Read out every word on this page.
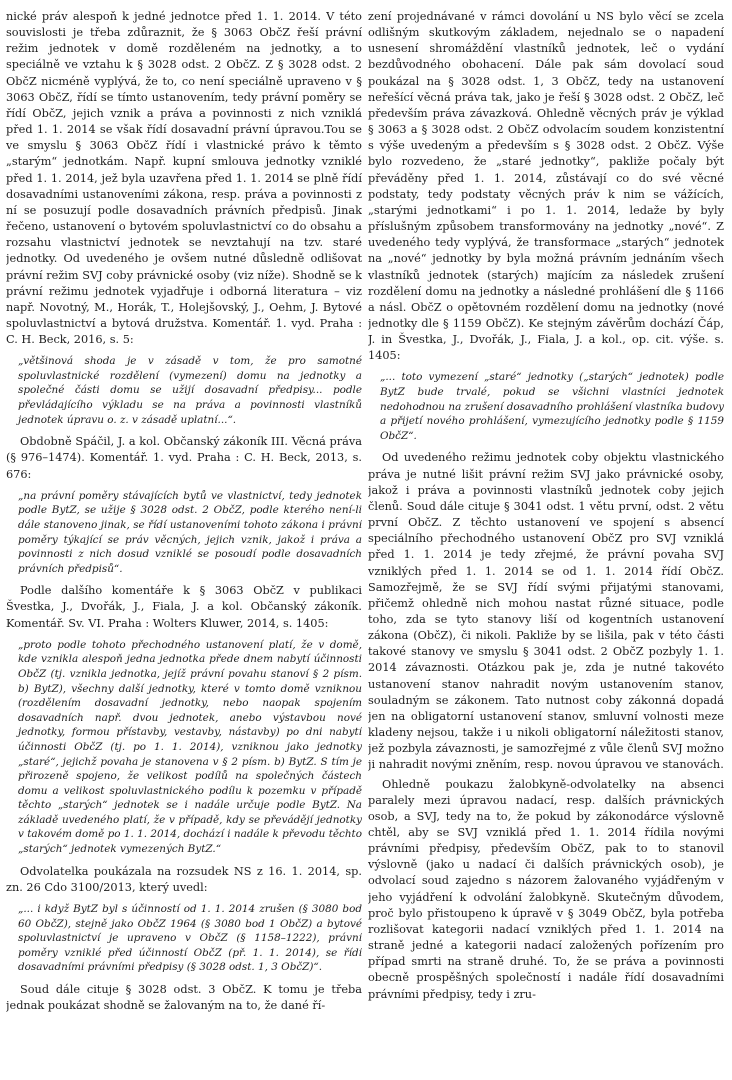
nické práv alespoň k jedné jednotce před 1. 1. 2014. V této souvislosti je třeba zdůraznit, že § 3063 ObčZ řeší právní režim jednotek v domě rozděleném na jednotky, a to speciálně ve vztahu k § 3028 odst. 2 ObčZ. Z § 3028 odst. 2 ObčZ nicméně vyplývá, že to, co není speciálně upraveno v § 3063 ObčZ, řídí se tímto ustanovením, tedy právní poměry se řídí ObčZ, jejich vznik a práva a povinnosti z nich vzniklá před 1. 1. 2014 se však řídí dosavadní právní úpravou.Tou se ve smyslu § 3063 ObčZ řídí i vlastnické právo k těmto „starým“ jednotkám. Např. kupní smlouva jednotky vzniklé před 1. 1. 2014, jež byla uzavřena před 1. 1. 2014 se plně řídí dosavadními ustanoveními zákona, resp. práva a povinnosti z ní se posuzují podle dosavadních právních předpisů. Jinak řečeno, ustanovení o bytovém spoluvlastnictví co do obsahu a rozsahu vlastnictví jednotek se nevztahují na tzv. staré jednotky. Od uvedeného je ovšem nutné důsledně odlišovat právní režim SVJ coby právnické osoby (viz níže). Shodně se k právní režimu jednotek vyjadřuje i odborná literatura – viz např. Novotný, M., Horák, T., Holejšovský, J., Oehm, J. Bytové spoluvlastnictví a bytová družstva. Komentář. 1. vyd. Praha : C. H. Beck, 2016, s. 5:

„většinová shoda je v zásadě v tom, že pro samotné spoluvlastnické rozdělení (vymezení) domu na jednotky a společné části domu se užijí dosavadní předpisy... podle převládajícího výkladu se na práva a povinnosti vlastníků jednotek úpravu o. z. v zásadě uplatní...“.

Obdobně Spáčil, J. a kol. Občanský zákoník III. Věcná práva (§ 976–1474). Komentář. 1. vyd. Praha : C. H. Beck, 2013, s. 676:

„na právní poměry stávajících bytů ve vlastnictví, tedy jednotek podle BytZ, se užije § 3028 odst. 2 ObčZ, podle kterého není-li dále stanoveno jinak, se řídí ustanoveními tohoto zákona i právní poměry týkající se práv věcných, jejich vznik, jakož i práva a povinnosti z nich dosud vzniklé se posoudí podle dosavadních právních předpisů“.

Podle dalšího komentáře k § 3063 ObčZ v publikaci Švestka, J., Dvořák, J., Fiala, J. a kol. Občanský zákoník. Komentář. Sv. VI. Praha : Wolters Kluwer, 2014, s. 1405:

„proto podle tohoto přechodného ustanovení platí, že v domě, kde vznikla alespoň jedna jednotka přede dnem nabytí účinnosti ObčZ (tj. vznikla jednotka, jejíž právní povahu stanoví § 2 písm. b) BytZ), všechny další jednotky, které v tomto domě vzniknou (rozdělením dosavadní jednotky, nebo naopak spojením dosavadních např. dvou jednotek, anebo výstavbou nové jednotky, formou přístavby, vestavby, nástavby) po dni nabytí účinnosti ObčZ (tj. po 1. 1. 2014), vzniknou jako jednotky „staré“, jejichž povaha je stanovena v § 2 písm. b) BytZ. S tím je přirozeně spojeno, že velikost podílů na společných částech domu a velikost spoluvlastnického podílu k pozemku v případě těchto „starých“ jednotek se i nadále určuje podle BytZ. Na základě uvedeného platí, že v případě, kdy se převádějí jednotky v takovém domě po 1. 1. 2014, dochází i nadále k převodu těchto „starých“ jednotek vymezených BytZ.“

Odvolatelka poukázala na rozsudek NS z 16. 1. 2014, sp. zn. 26 Cdo 3100/2013, který uvedl:

„... i když BytZ byl s účinností od 1. 1. 2014 zrušen (§ 3080 bod 60 ObčZ), stejně jako ObčZ 1964 (§ 3080 bod 1 ObčZ) a bytové spoluvlastnictví je upraveno v ObčZ (§ 1158–1222), právní poměry vzniklé před účinností ObčZ (př. 1. 1. 2014), se řídí dosavadními právními předpisy (§ 3028 odst. 1, 3 ObčZ)“.

Soud dále cituje § 3028 odst. 3 ObčZ. K tomu je třeba jednak poukázat shodně se žalovaným na to, že dané ří-

zení projednávané v rámci dovolání u NS bylo věcí se zcela odlišným skutkovým základem, nejednalo se o napadení usnesení shromáždění vlastníků jednotek, leč o vydání bezdůvodného obohacení. Dále pak sám dovolací soud poukázal na § 3028 odst. 1, 3 ObčZ, tedy na ustanovení neřešící věcná práva tak, jako je řeší § 3028 odst. 2 ObčZ, leč především práva závazková. Ohledně věcných práv je výklad § 3063 a § 3028 odst. 2 ObčZ odvolacím soudem konzistentní s výše uvedeným a především s § 3028 odst. 2 ObčZ. Výše bylo rozvedeno, že „staré jednotky“, pakliže počaly být převáděny před 1. 1. 2014, zůstávají co do své věcné podstaty, tedy podstaty věcných práv k nim se vážících, „starými jednotkami“ i po 1. 1. 2014, ledaže by byly příslušným způsobem transformovány na jednotky „nové“. Z uvedeného tedy vyplývá, že transformace „starých“ jednotek na „nové“ jednotky by byla možná právním jednáním všech vlastníků jednotek (starých) majícím za následek zrušení rozdělení domu na jednotky a následné prohlášení dle § 1166 a násl. ObčZ o opětovném rozdělení domu na jednotky (nové jednotky dle § 1159 ObčZ). Ke stejným závěrům dochází Čáp, J. in Švestka, J., Dvořák, J., Fiala, J. a kol., op. cit. výše. s. 1405:

„... toto vymezení „staré“ jednotky („starých“ jednotek) podle BytZ bude trvalé, pokud se všichni vlastníci jednotek nedohodnou na zrušení dosavadního prohlášení vlastníka budovy a přijetí nového prohlášení, vymezujícího jednotky podle § 1159 ObčZ“.

Od uvedeného režimu jednotek coby objektu vlastnického práva je nutné lišit právní režim SVJ jako právnické osoby, jakož i práva a povinnosti vlastníků jednotek coby jejich členů. Soud dále cituje § 3041 odst. 1 větu první, odst. 2 větu první ObčZ. Z těchto ustanovení ve spojení s absencí speciálního přechodného ustanovení ObčZ pro SVJ vzniklá před 1. 1. 2014 je tedy zřejmé, že právní povaha SVJ vzniklých před 1. 1. 2014 se od 1. 1. 2014 řídí ObčZ. Samozřejmě, že se SVJ řídí svými přijatými stanovami, přičemž ohledně nich mohou nastat různé situace, podle toho, zda se tyto stanovy liší od kogentních ustanovení zákona (ObčZ), či nikoli. Pakliže by se lišila, pak v této části takové stanovy ve smyslu § 3041 odst. 2 ObčZ pozbyly 1. 1. 2014 závaznosti. Otázkou pak je, zda je nutné takovéto ustanovení stanov nahradit novým ustanovením stanov, souladným se zákonem. Tato nutnost coby zákonná dopadá jen na obligatorní ustanovení stanov, smluvní volnosti meze kladeny nejsou, takže i u nikoli obligatorní náležitosti stanov, jež pozbyla závaznosti, je samozřejmé z vůle členů SVJ možno ji nahradit novými zněním, resp. novou úpravou ve stanovách.

Ohledně poukazu žalobkyně-odvolatelky na absenci paralely mezi úpravou nadací, resp. dalších právnických osob, a SVJ, tedy na to, že pokud by zákonodárce výslovně chtěl, aby se SVJ vzniklá před 1. 1. 2014 řídila novými právními předpisy, především ObčZ, pak to to stanovil výslovně (jako u nadací či dalších právnických osob), je odvolací soud zajedno s názorem žalovaného vyjádřeným v jeho vyjádření k odvolání žalobkyně. Skutečným důvodem, proč bylo přistoupeno k úpravě v § 3049 ObčZ, byla potřeba rozlišovat kategorii nadací vzniklých před 1. 1. 2014 na straně jedné a kategorii nadací založených pořízením pro případ smrti na straně druhé. To, že se práva a povinnosti obecně prospěšných společností i nadále řídí dosavadními právními předpisy, tedy i zru-
